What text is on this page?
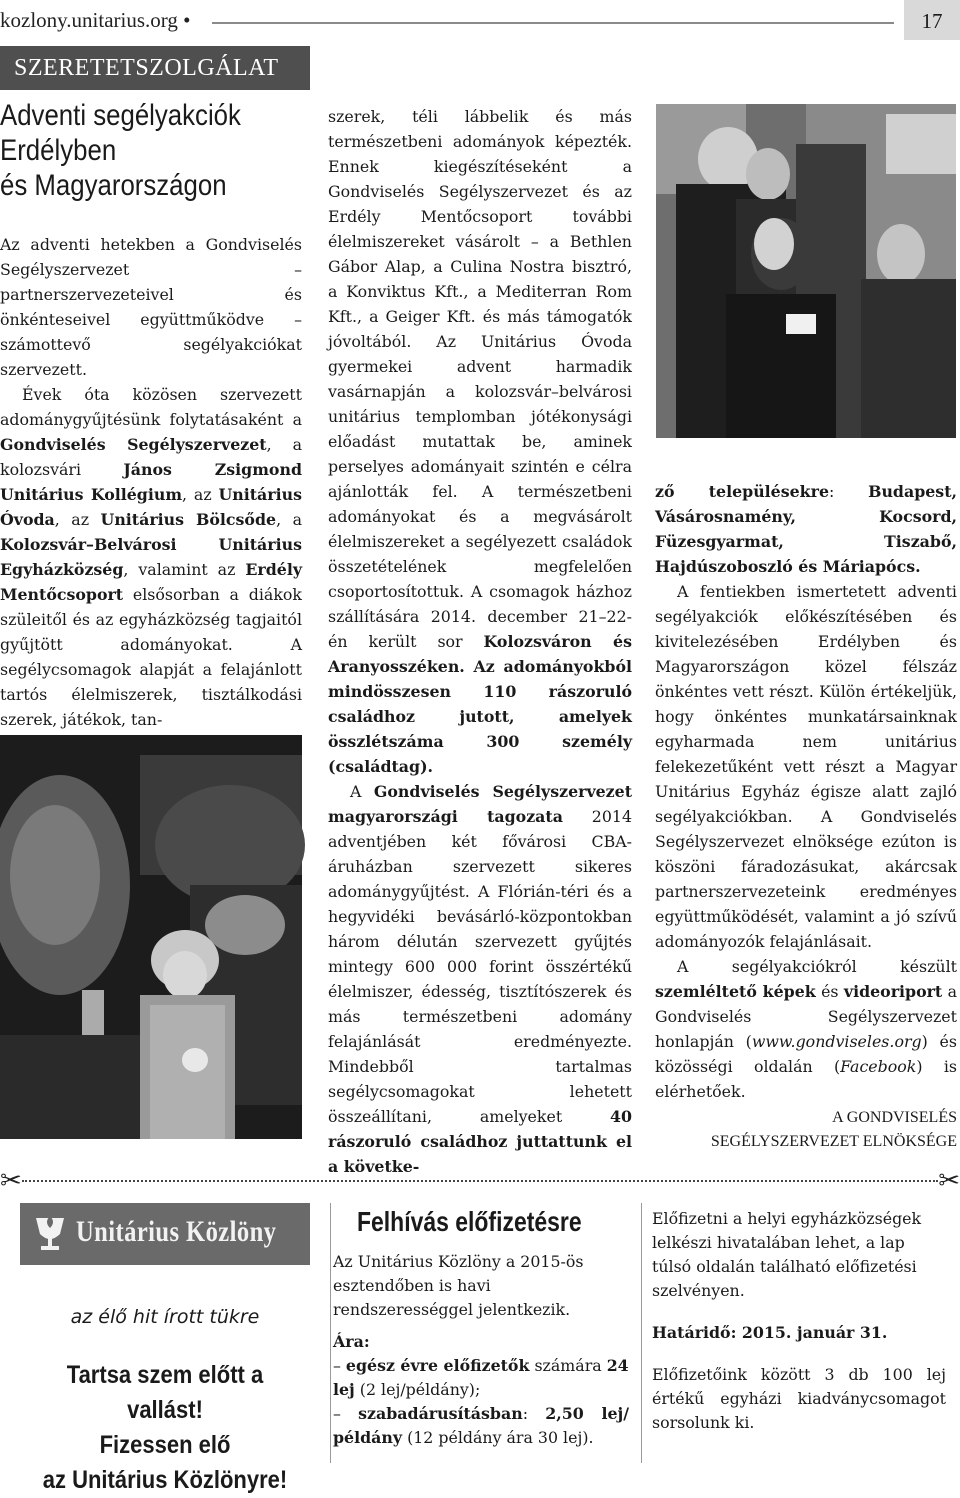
kozlony.unitarius.org •	17
SZERETETSZOLGÁLAT
Adventi segélyakciók
Erdélyben
és Magyarországon

Az adventi hetekben a Gondviselés Segélyszervezet – partnerszervezeteivel és önkénteseivel együttműködve – számottevő segélyakciókat szervezett.

Évek óta közösen szervezett adománygyűjtésünk folytatásaként a Gondviselés Segélyszervezet, a kolozsvári János Zsigmond Unitárius Kollégium, az Unitárius Óvoda, az Unitárius Bölcsőde, a Kolozsvár–Belvárosi Unitárius Egyházközség, valamint az Erdély Mentőcsoport elsősorban a diákok szüleitől és az egyházközség tagjaitól gyűjtött adományokat. A segélycsomagok alapját a felajánlott tartós élelmiszerek, tisztálkodási szerek, játékok, tan-

szerek, téli lábbelik és más természetbeni adományok képezték. Ennek kiegészítéseként a Gondviselés Segélyszervezet és az Erdély Mentőcsoport további élelmiszereket vásárolt – a Bethlen Gábor Alap, a Culina Nostra bisztró, a Konviktus Kft., a Mediterran Rom Kft., a Geiger Kft. és más támogatók jóvoltából. Az Unitárius Óvoda gyermekei advent harmadik vasárnapján a kolozsvár–belvárosi unitárius templomban jótékonysági előadást mutattak be, aminek perselyes adományait szintén e célra ajánlották fel. A természetbeni adományokat és a megvásárolt élelmiszereket a segélyezett családok összetételének megfelelően csoportosítottuk. A csomagok házhoz szállítására 2014. december 21–22-én került sor Kolozsváron és Aranyosszéken. Az adományokból mindösszesen 110 rászoruló családhoz jutott, amelyek összlétszáma 300 személy (családtag).

A Gondviselés Segélyszervezet magyarországi tagozata 2014 adventjében két fővárosi CBA-áruházban szervezett sikeres adománygyűjtést. A Flórián-téri és a hegyvidéki bevásárló-központokban három délután szervezett gyűjtés mintegy 600 000 forint összértékű élelmiszer, édesség, tisztítószerek és más természetbeni adomány felajánlását eredményezte. Mindebből tartalmas segélycsomagokat lehetett összeállítani, amelyeket 40 rászoruló családhoz juttattunk el a követke-

ző településekre: Budapest, Vásárosnamény, Kocsord, Füzesgyarmat, Tiszabő, Hajdúszoboszló és Máriapócs.

A fentiekben ismertetett adventi segélyakciók előkészítésében és kivitelezésében Erdélyben és Magyarországon közel félszáz önkéntes vett részt. Külön értékeljük, hogy önkéntes munkatársainknak egyharmada nem unitárius felekezetűként vett részt a Magyar Unitárius Egyház égisze alatt zajló segélyakciókban. A Gondviselés Segélyszervezet elnöksége ezúton is köszöni fáradozásukat, akárcsak partnerszervezeteink eredményes együttműködését, valamint a jó szívű adományozók felajánlásait.

A segélyakciókról készült szemléltető képek és videoriport a Gondviselés Segélyszervezet honlapján (www.gondviseles.org) és közösségi oldalán (Facebook) is elérhetőek.

A GONDVISELÉS
SEGÉLYSZERVEZET ELNÖKSÉGE
✂	✂
Unitárius Közlöny
az élő hit írott tükre
Tartsa szem előtt a vallást!
Fizessen elő
az Unitárius Közlönyre!
Felhívás előfizetésre

Az Unitárius Közlöny a 2015-ös esztendőben is havi rendszerességgel jelentkezik.

Ára:
– egész évre előfizetők számára 24 lej (2 lej/példány);
– szabadárusításban: 2,50 lej/ példány (12 példány ára 30 lej).

Előfizetni a helyi egyházközségek lelkészi hivatalában lehet, a lap túlsó oldalán található előfizetési szelvényen.

Határidő: 2015. január 31.

Előfizetőink között 3 db 100 lej értékű egyházi kiadványcsomagot sorsolunk ki.
